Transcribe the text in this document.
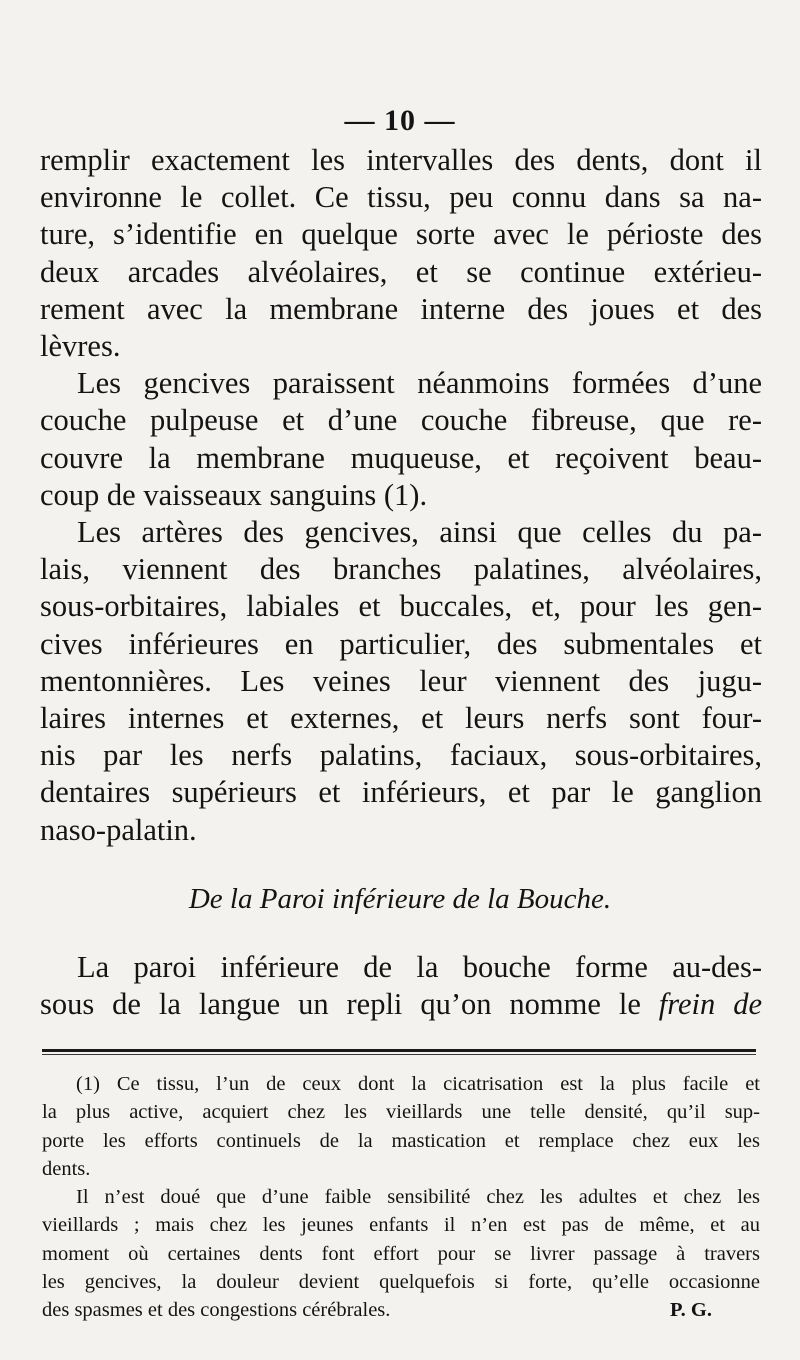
— 10 —

remplir exactement les intervalles des dents, dont il
environne le collet. Ce tissu, peu connu dans sa na-
ture, s’identifie en quelque sorte avec le périoste des
deux arcades alvéolaires, et se continue extérieu-
rement avec la membrane interne des joues et des
lèvres.

Les gencives paraissent néanmoins formées d’une
couche pulpeuse et d’une couche fibreuse, que re-
couvre la membrane muqueuse, et reçoivent beau-
coup de vaisseaux sanguins (1).

Les artères des gencives, ainsi que celles du pa-
lais, viennent des branches palatines, alvéolaires,
sous-orbitaires, labiales et buccales, et, pour les gen-
cives inférieures en particulier, des submentales et
mentonnières. Les veines leur viennent des jugu-
laires internes et externes, et leurs nerfs sont four-
nis par les nerfs palatins, faciaux, sous-orbitaires,
dentaires supérieurs et inférieurs, et par le ganglion
naso-palatin.

De la Paroi inférieure de la Bouche.
La paroi inférieure de la bouche forme au-des-
sous de la langue un repli qu’on nomme le frein de
(1) Ce tissu, l’un de ceux dont la cicatrisation est la plus facile et
la plus active, acquiert chez les vieillards une telle densité, qu’il sup-
porte les efforts continuels de la mastication et remplace chez eux les
dents.
Il n’est doué que d’une faible sensibilité chez les adultes et chez les
vieillards ; mais chez les jeunes enfants il n’en est pas de même, et au
moment où certaines dents font effort pour se livrer passage à travers
les gencives, la douleur devient quelquefois si forte, qu’elle occasionne
des spasmes et des congestions cérébrales.	P. G.
